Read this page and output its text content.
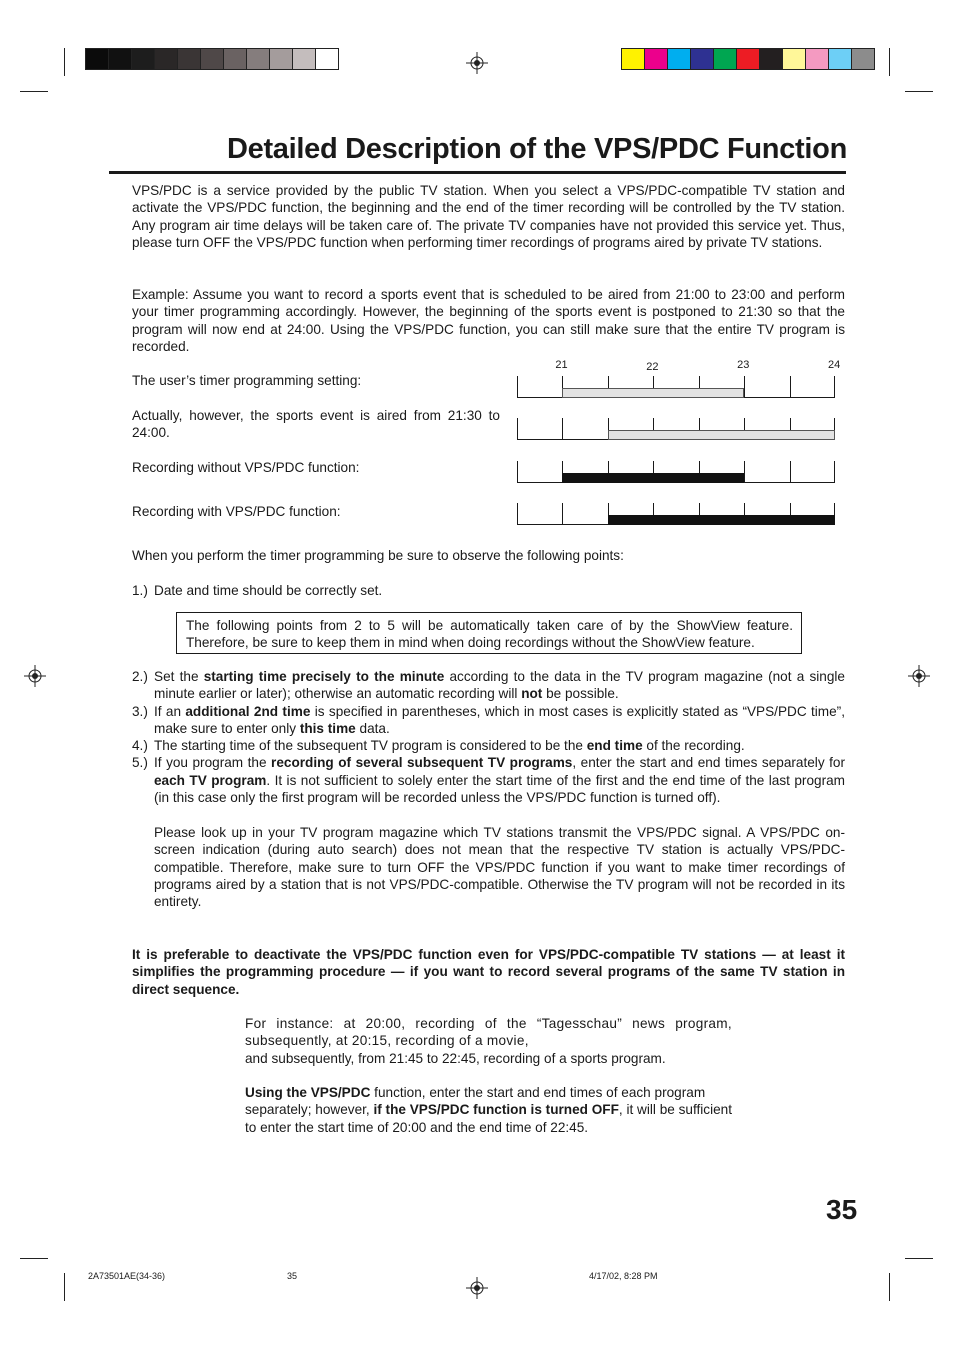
Detailed Description of the VPS/PDC Function
VPS/PDC is a service provided by the public TV station. When you select a VPS/PDC-compatible TV station and activate the VPS/PDC function, the beginning and the end of the timer recording will be controlled by the TV station. Any program air time delays will be taken care of. The private TV companies have not provided this service yet. Thus, please turn OFF the VPS/PDC function when performing timer recordings of programs aired by private TV stations.
Example: Assume you want to record a sports event that is scheduled to be aired from 21:00 to 23:00 and perform your timer programming accordingly. However, the beginning of the sports event is postponed to 21:30 so that the program will now end at 24:00. Using the VPS/PDC function, you can still make sure that the entire TV program is recorded.
21	22	23	24
The user’s timer programming setting:
Actually, however, the sports event is aired from 21:30 to 24:00.
Recording without VPS/PDC function:
Recording with VPS/PDC function:
When you perform the timer programming be sure to observe the following points:
1.) Date and time should be correctly set.
The following points from 2 to 5 will be automatically taken care of by the ShowView feature. Therefore, be sure to keep them in mind when doing recordings without the ShowView feature.
2.) Set the starting time precisely to the minute according to the data in the TV program magazine (not a single minute earlier or later); otherwise an automatic recording will not be possible.
3.) If an additional 2nd time is specified in parentheses, which in most cases is explicitly stated as “VPS/PDC time”, make sure to enter only this time data.
4.) The starting time of the subsequent TV program is considered to be the end time of the recording.
5.) If you program the recording of several subsequent TV programs, enter the start and end times separately for each TV program. It is not sufficient to solely enter the start time of the first and the end time of the last program (in this case only the first program will be recorded unless the VPS/PDC function is turned off).
Please look up in your TV program magazine which TV stations transmit the VPS/PDC signal. A VPS/PDC on-screen indication (during auto search) does not mean that the respective TV station is actually VPS/PDC-compatible. Therefore, make sure to turn OFF the VPS/PDC function if you want to make timer recordings of programs aired by a station that is not VPS/PDC-compatible. Otherwise the TV program will not be recorded in its entirety.
It is preferable to deactivate the VPS/PDC function even for VPS/PDC-compatible TV stations — at least it simplifies the programming procedure — if you want to record several programs of the same TV station in direct sequence.
For instance: at 20:00, recording of the “Tagesschau” news program, subsequently, at 20:15, recording of a movie,
and subsequently, from 21:45 to 22:45, recording of a sports program.
Using the VPS/PDC function, enter the start and end times of each program separately; however, if the VPS/PDC function is turned OFF, it will be sufficient to enter the start time of 20:00 and the end time of 22:45.
35
2A73501AE(34-36)	35	4/17/02, 8:28 PM
